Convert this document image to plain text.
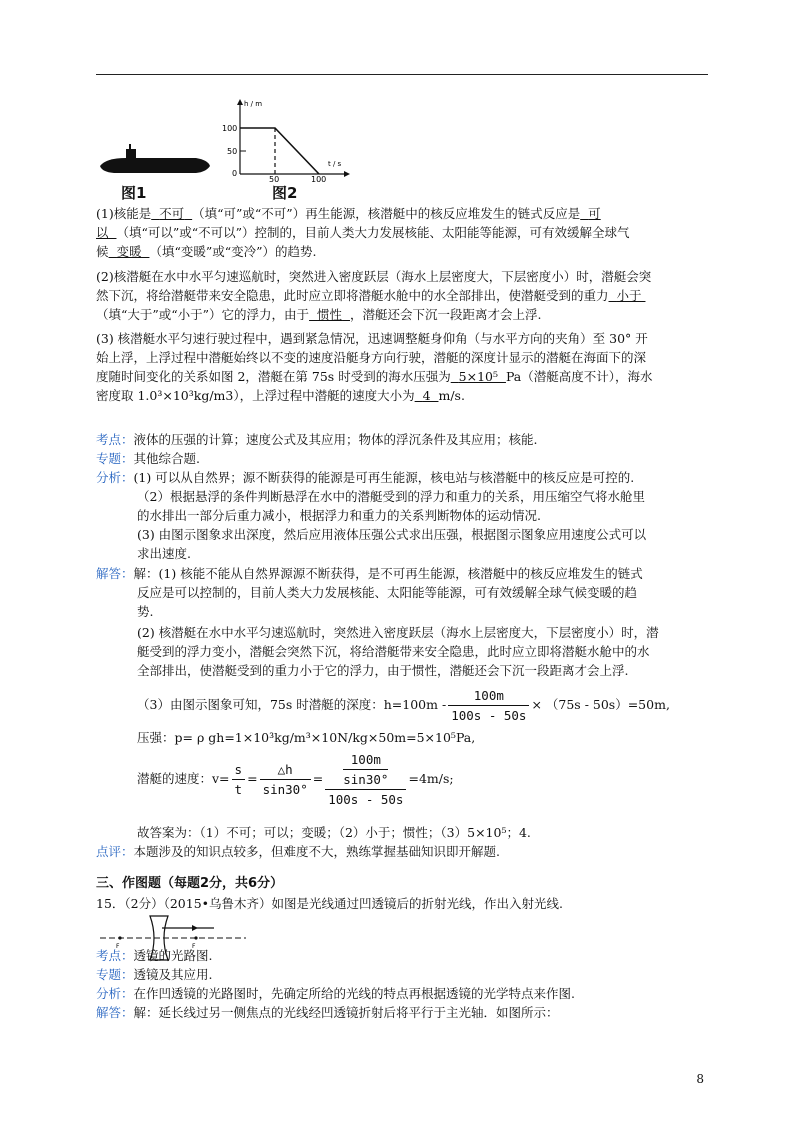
图1
h / m
t / s
100
50
0
50	100
图2
(1)核能是 不可 （填“可”或“不可”）再生能源，核潜艇中的核反应堆发生的链式反应是 可
以 （填“可以”或“不可以”）控制的，目前人类大力发展核能、太阳能等能源，可有效缓解全球气
候 变暖 （填“变暖”或“变冷”）的趋势.
(2)核潜艇在水中水平匀速巡航时，突然进入密度跃层（海水上层密度大，下层密度小）时，潜艇会突
然下沉，将给潜艇带来安全隐患，此时应立即将潜艇水舱中的水全部排出，使潜艇受到的重力 小于
（填“大于”或“小于”）它的浮力，由于 惯性 ，潜艇还会下沉一段距离才会上浮.
(3) 核潜艇水平匀速行驶过程中，遇到紧急情况，迅速调整艇身仰角（与水平方向的夹角）至 30° 开
始上浮，上浮过程中潜艇始终以不变的速度沿艇身方向行驶，潜艇的深度计显示的潜艇在海面下的深
度随时间变化的关系如图 2，潜艇在第 75s 时受到的海水压强为 5×10⁵ Pa（潜艇高度不计），海水
密度取 1.0³×10³kg/m3），上浮过程中潜艇的速度大小为 4 m/s.
考点：液体的压强的计算；速度公式及其应用；物体的浮沉条件及其应用；核能.
专题：其他综合题.
分析：(1) 可以从自然界；源不断获得的能源是可再生能源，核电站与核潜艇中的核反应是可控的.
（2）根据悬浮的条件判断悬浮在水中的潜艇受到的浮力和重力的关系，用压缩空气将水舱里
的水排出一部分后重力减小，根据浮力和重力的关系判断物体的运动情况.
(3) 由图示图象求出深度，然后应用液体压强公式求出压强，根据图示图象应用速度公式可以
求出速度.
解答：解：(1) 核能不能从自然界源源不断获得，是不可再生能源，核潜艇中的核反应堆发生的链式
反应是可以控制的，目前人类大力发展核能、太阳能等能源，可有效缓解全球气候变暖的趋
势.
(2) 核潜艇在水中水平匀速巡航时，突然进入密度跃层（海水上层密度大，下层密度小）时，潜
艇受到的浮力变小，潜艇会突然下沉，将给潜艇带来安全隐患，此时应立即将潜艇水舱中的水
全部排出，使潜艇受到的重力小于它的浮力，由于惯性，潜艇还会下沉一段距离才会上浮.
（3）由图示图象可知，75s 时潜艇的深度：$h=100m - \frac{100m}{100s - 50s} \times (75s - 50s)=50m$,
压强：p= ρ gh=1×10³kg/m³×10N/kg×50m=5×10⁵Pa,
潜艇的速度：$v= \frac{s}{t} = \frac{\triangle h}{\sin 30^\circ} = \frac{\frac{100m}{\sin 30^\circ}}{100s - 50s} =4m/s$;
故答案为：（1）不可；可以；变暖；（2）小于；惯性；（3）5×10⁵；4.
点评：本题涉及的知识点较多，但难度不大，熟练掌握基础知识即开解题.
三、作图题（每题2分，共6分）
15．（2分）（2015•乌鲁木齐）如图是光线通过凹透镜后的折射光线，作出入射光线.
F	F
考点：透镜的光路图.
专题：透镜及其应用.
分析：在作凹透镜的光路图时，先确定所给的光线的特点再根据透镜的光学特点来作图.
解答：解：延长线过另一侧焦点的光线经凹透镜折射后将平行于主光轴．如图所示：
8
